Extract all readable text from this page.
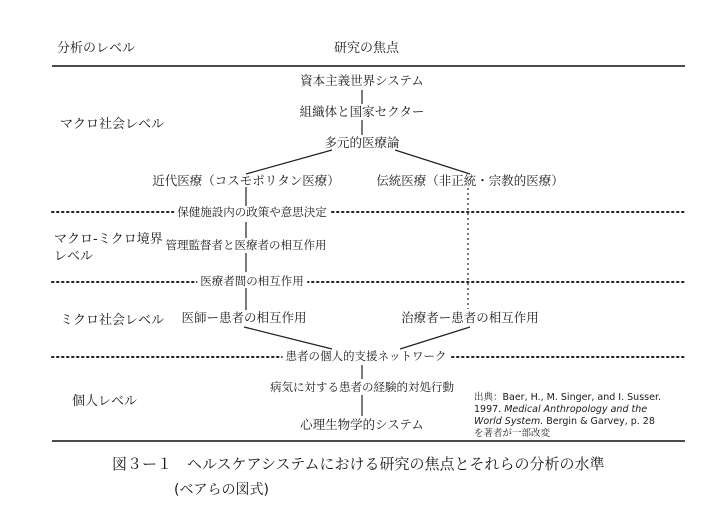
分析のレベル	研究の焦点
マクロ社会レベル
マクロ-ミクロ境界
レベル
ミクロ社会レベル
個人レベル
資本主義世界システム
組織体と国家セクター
多元的医療論
近代医療（コスモポリタン医療）	伝統医療（非正統・宗教的医療）
保健施設内の政策や意思決定
管理監督者と医療者の相互作用
医療者間の相互作用
医師ー患者の相互作用	治療者ー患者の相互作用
患者の個人的支援ネットワーク
病気に対する患者の経験的対処行動
心理生物学的システム
出典：Baer, H., M. Singer, and I. Susser. 1997. Medical Anthropology and the World System. Bergin & Garvey, p. 28を著者が一部改変
図３ー１　ヘルスケアシステムにおける研究の焦点とそれらの分析の水準
(ベアらの図式)
